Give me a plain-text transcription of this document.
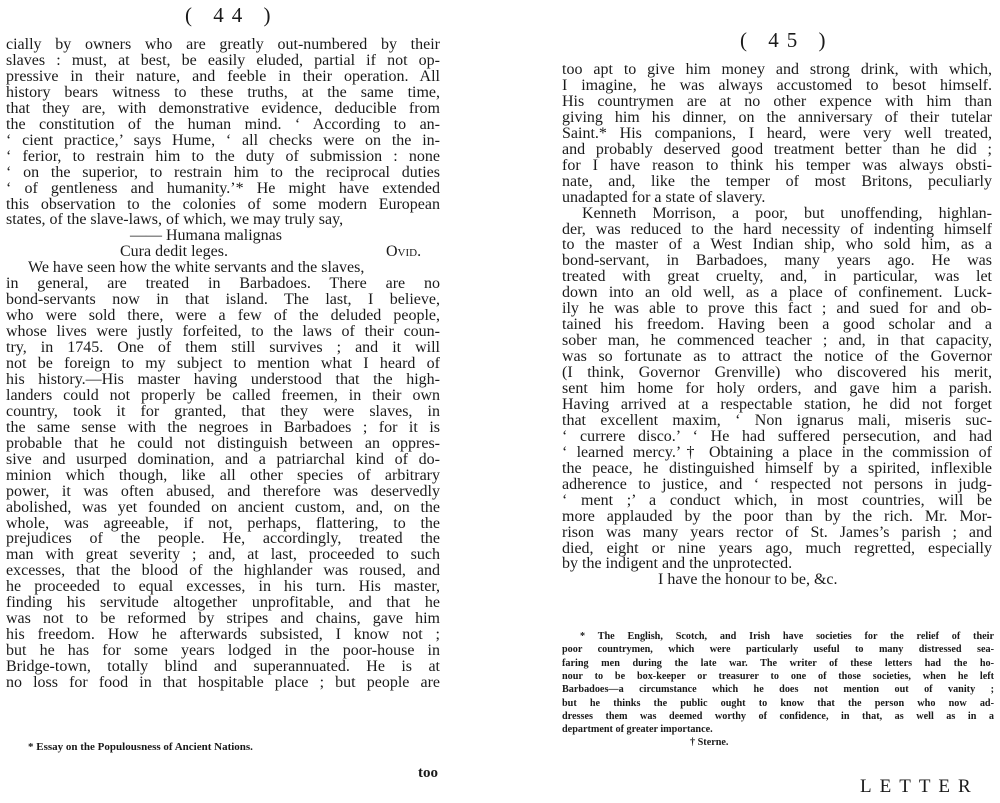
( 44 )
cially by owners who are greatly out-numbered by their
slaves : must, at best, be easily eluded, partial if not op-
pressive in their nature, and feeble in their operation. All
history bears witness to these truths, at the same time,
that they are, with demonstrative evidence, deducible from
the constitution of the human mind. ‘ According to an-
‘ cient practice,’ says Hume, ‘ all checks were on the in-
‘ ferior, to restrain him to the duty of submission : none
‘ on the superior, to restrain him to the reciprocal duties
‘ of gentleness and humanity.’* He might have extended
this observation to the colonies of some modern European
states, of the slave-laws, of which, we may truly say,
—— Humana malignas
Cura dedit leges.
We have seen how the white servants and the slaves,
in general, are treated in Barbadoes. There are no
bond-servants now in that island. The last, I believe,
who were sold there, were a few of the deluded people,
whose lives were justly forfeited, to the laws of their coun-
try, in 1745. One of them still survives ; and it will
not be foreign to my subject to mention what I heard of
his history.—His master having understood that the high-
landers could not properly be called freemen, in their own
country, took it for granted, that they were slaves, in
the same sense with the negroes in Barbadoes ; for it is
probable that he could not distinguish between an oppres-
sive and usurped domination, and a patriarchal kind of do-
minion which though, like all other species of arbitrary
power, it was often abused, and therefore was deservedly
abolished, was yet founded on ancient custom, and, on the
whole, was agreeable, if not, perhaps, flattering, to the
prejudices of the people. He, accordingly, treated the
man with great severity ; and, at last, proceeded to such
excesses, that the blood of the highlander was roused, and
he proceeded to equal excesses, in his turn. His master,
finding his servitude altogether unprofitable, and that he
was not to be reformed by stripes and chains, gave him
his freedom. How he afterwards subsisted, I know not ;
but he has for some years lodged in the poor-house in
Bridge-town, totally blind and superannuated. He is at
no loss for food in that hospitable place ; but people are
Ovid.
* Essay on the Populousness of Ancient Nations.
too
( 45 )
too apt to give him money and strong drink, with which,
I imagine, he was always accustomed to besot himself.
His countrymen are at no other expence with him than
giving him his dinner, on the anniversary of their tutelar
Saint.* His companions, I heard, were very well treated,
and probably deserved good treatment better than he did ;
for I have reason to think his temper was always obsti-
nate, and, like the temper of most Britons, peculiarly
unadapted for a state of slavery.
Kenneth Morrison, a poor, but unoffending, highlan-
der, was reduced to the hard necessity of indenting himself
to the master of a West Indian ship, who sold him, as a
bond-servant, in Barbadoes, many years ago. He was
treated with great cruelty, and, in particular, was let
down into an old well, as a place of confinement. Luck-
ily he was able to prove this fact ; and sued for and ob-
tained his freedom. Having been a good scholar and a
sober man, he commenced teacher ; and, in that capacity,
was so fortunate as to attract the notice of the Governor
(I think, Governor Grenville) who discovered his merit,
sent him home for holy orders, and gave him a parish.
Having arrived at a respectable station, he did not forget
that excellent maxim, ‘ Non ignarus mali, miseris suc-
‘ currere disco.’ ‘ He had suffered persecution, and had
‘ learned mercy.’† Obtaining a place in the commission of
the peace, he distinguished himself by a spirited, inflexible
adherence to justice, and ‘ respected not persons in judg-
‘ ment ;’ a conduct which, in most countries, will be
more applauded by the poor than by the rich. Mr. Mor-
rison was many years rector of St. James’s parish ; and
died, eight or nine years ago, much regretted, especially
by the indigent and the unprotected.
I have the honour to be, &c.
* The English, Scotch, and Irish have societies for the relief of their
poor countrymen, which were particularly useful to many distressed sea-
faring men during the late war. The writer of these letters had the ho-
nour to be box-keeper or treasurer to one of those societies, when he left
Barbadoes—a circumstance which he does not mention out of vanity ;
but he thinks the public ought to know that the person who now ad-
dresses them was deemed worthy of confidence, in that, as well as in a
department of greater importance.
† Sterne.
LETTER
